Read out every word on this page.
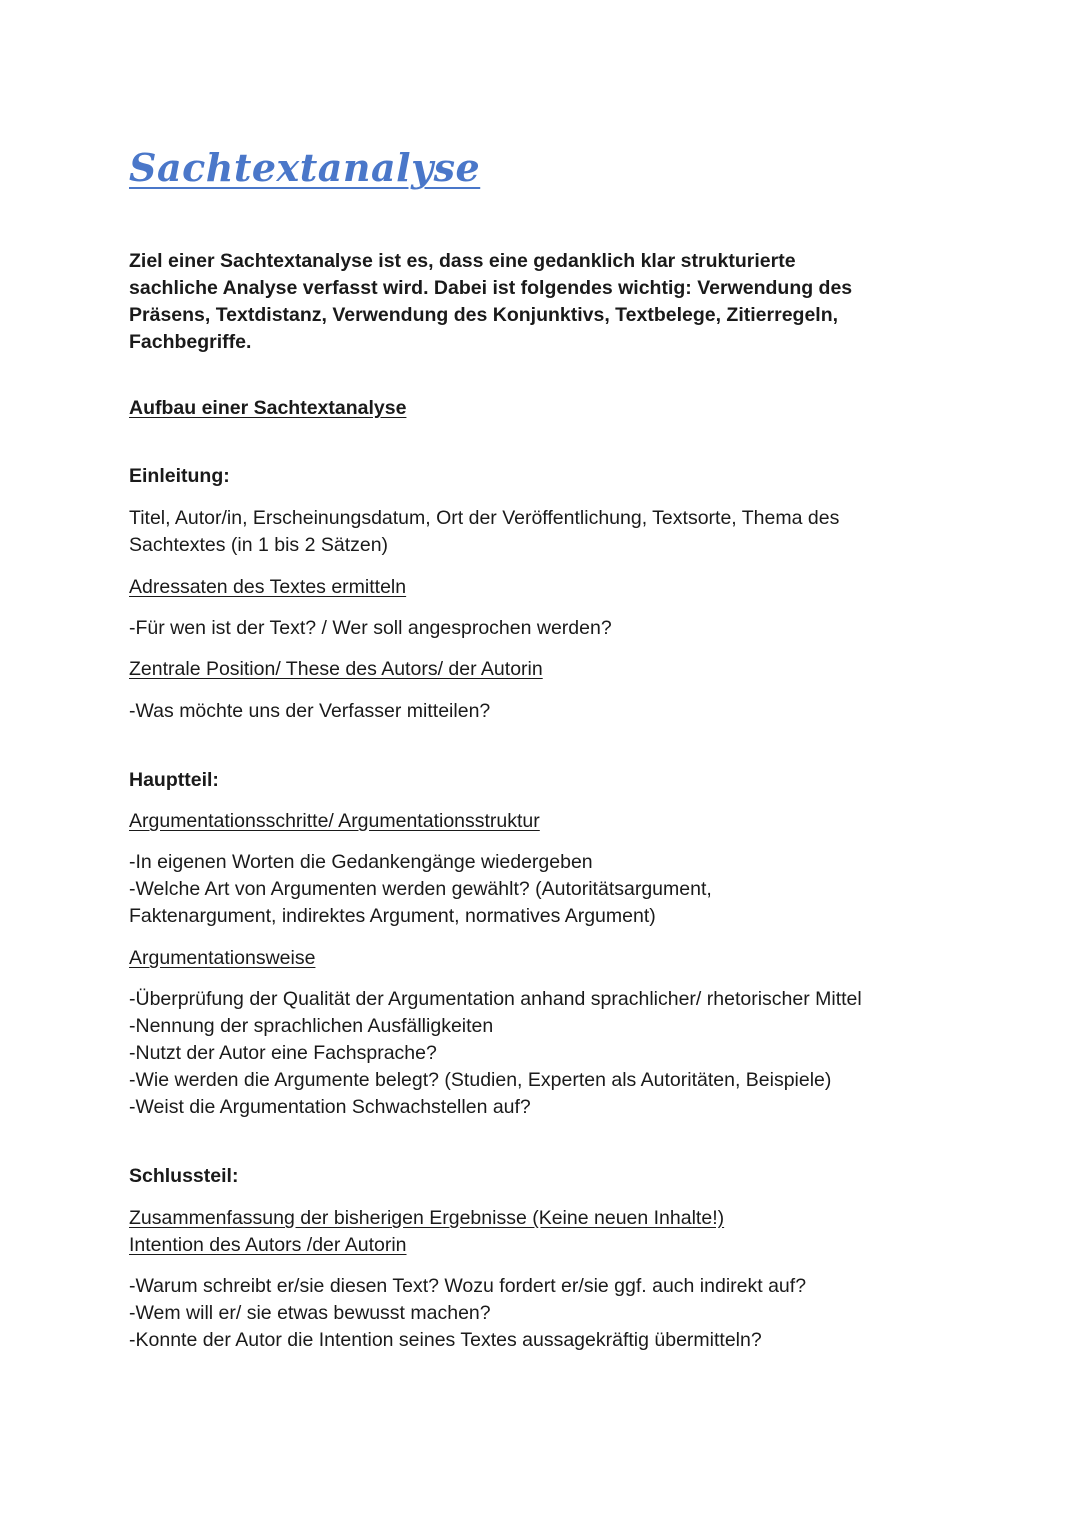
Sachtextanalyse
Ziel einer Sachtextanalyse ist es, dass eine gedanklich klar strukturierte
sachliche Analyse verfasst wird. Dabei ist folgendes wichtig: Verwendung des
Präsens, Textdistanz, Verwendung des Konjunktivs, Textbelege, Zitierregeln,
Fachbegriffe.
Aufbau einer Sachtextanalyse
Einleitung:
Titel, Autor/in, Erscheinungsdatum, Ort der Veröffentlichung, Textsorte, Thema des
Sachtextes (in 1 bis 2 Sätzen)
Adressaten des Textes ermitteln
-Für wen ist der Text? / Wer soll angesprochen werden?
Zentrale Position/ These des Autors/ der Autorin
-Was möchte uns der Verfasser mitteilen?
Hauptteil:
Argumentationsschritte/ Argumentationsstruktur
-In eigenen Worten die Gedankengänge wiedergeben
-Welche Art von Argumenten werden gewählt? (Autoritätsargument,
Faktenargument, indirektes Argument, normatives Argument)
Argumentationsweise
-Überprüfung der Qualität der Argumentation anhand sprachlicher/ rhetorischer Mittel
-Nennung der sprachlichen Ausfälligkeiten
-Nutzt der Autor eine Fachsprache?
-Wie werden die Argumente belegt? (Studien, Experten als Autoritäten, Beispiele)
-Weist die Argumentation Schwachstellen auf?
Schlussteil:
Zusammenfassung der bisherigen Ergebnisse (Keine neuen Inhalte!)
Intention des Autors /der Autorin
-Warum schreibt er/sie diesen Text? Wozu fordert er/sie ggf. auch indirekt auf?
-Wem will er/ sie etwas bewusst machen?
-Konnte der Autor die Intention seines Textes aussagekräftig übermitteln?
